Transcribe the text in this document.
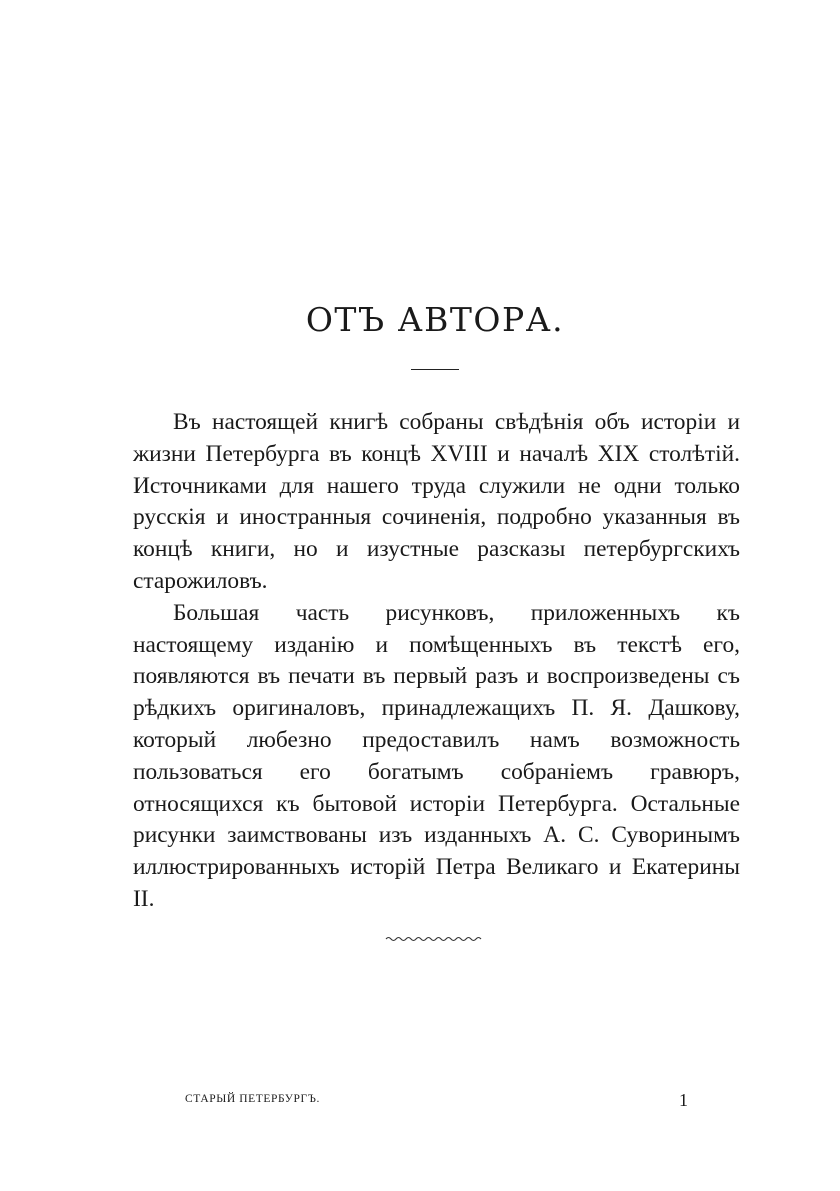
ОТЪ АВТОРА.

Въ настоящей книгѣ собраны свѣдѣнія объ исторіи и жизни Петербурга въ концѣ XVIII и началѣ XIX столѣтій. Источниками для нашего труда служили не одни только русскія и иностранныя сочиненія, подробно указанныя въ концѣ книги, но и изустные разсказы петербургскихъ старожиловъ.

Большая часть рисунковъ, приложенныхъ къ настоящему изданію и помѣщенныхъ въ текстѣ его, появляются въ печати въ первый разъ и воспроизведены съ рѣдкихъ оригиналовъ, принадлежащихъ П. Я. Дашкову, который любезно предоставилъ намъ возможность пользоваться его богатымъ собраніемъ гравюръ, относящихся къ бытовой исторіи Петербурга. Остальные рисунки заимствованы изъ изданныхъ А. С. Суворинымъ иллюстрированныхъ исторій Петра Великаго и Екатерины II.

СТАРЫЙ ПЕТЕРБУРГЪ.	1
